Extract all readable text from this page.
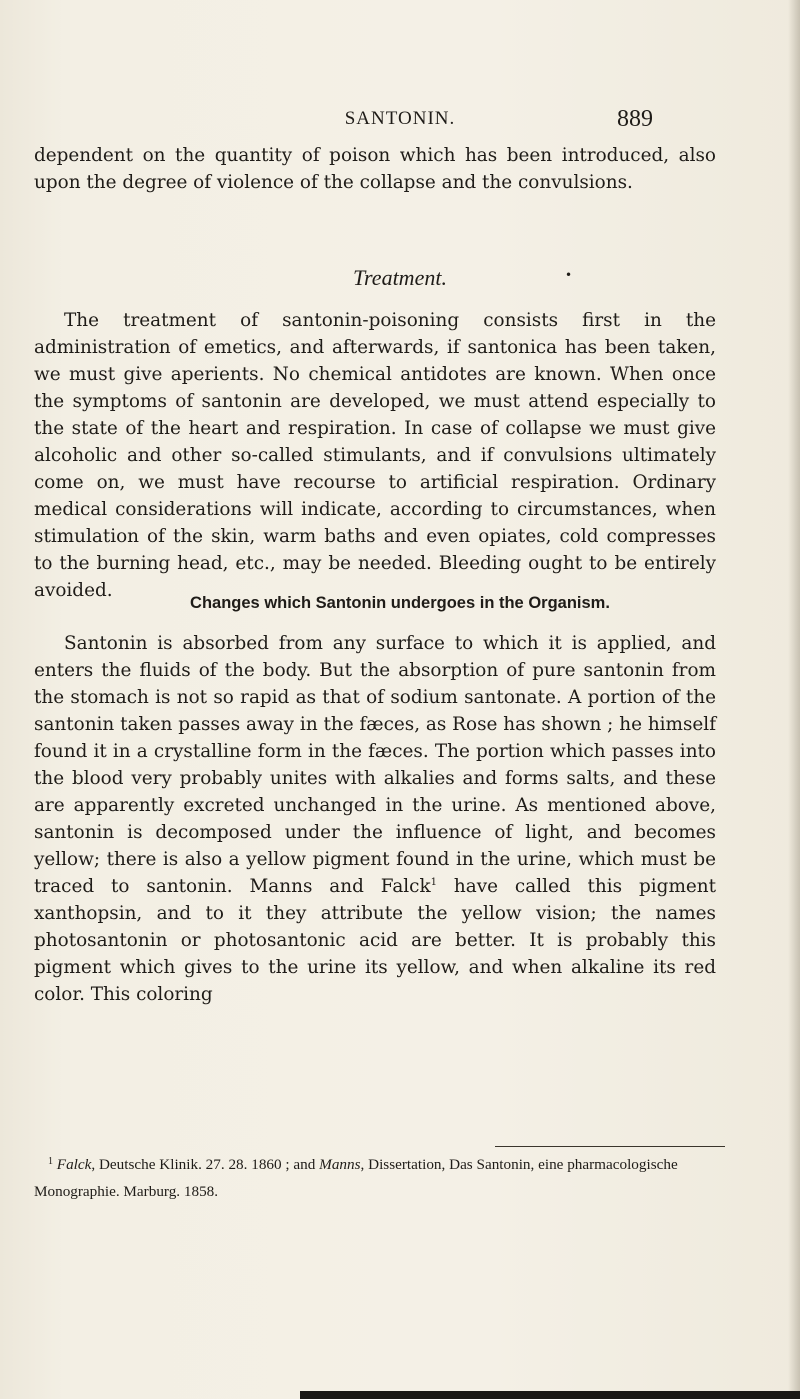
SANTONIN.	889

dependent on the quantity of poison which has been introduced, also upon the degree of violence of the collapse and the convulsions.

Treatment.	•

The treatment of santonin-poisoning consists first in the administration of emetics, and afterwards, if santonica has been taken, we must give aperients. No chemical antidotes are known. When once the symptoms of santonin are developed, we must attend especially to the state of the heart and respiration. In case of collapse we must give alcoholic and other so-called stimulants, and if convulsions ultimately come on, we must have recourse to artificial respiration. Ordinary medical considerations will indicate, according to circumstances, when stimulation of the skin, warm baths and even opiates, cold compresses to the burning head, etc., may be needed. Bleeding ought to be entirely avoided.

Changes which Santonin undergoes in the Organism.

Santonin is absorbed from any surface to which it is applied, and enters the fluids of the body. But the absorption of pure santonin from the stomach is not so rapid as that of sodium santonate. A portion of the santonin taken passes away in the fæces, as Rose has shown ; he himself found it in a crystalline form in the fæces. The portion which passes into the blood very probably unites with alkalies and forms salts, and these are apparently excreted unchanged in the urine. As mentioned above, santonin is decomposed under the influence of light, and becomes yellow; there is also a yellow pigment found in the urine, which must be traced to santonin. Manns and Falck$^1$ have called this pigment xanthopsin, and to it they attribute the yellow vision; the names photosantonin or photosantonic acid are better. It is probably this pigment which gives to the urine its yellow, and when alkaline its red color. This coloring

$^1$ Falck, Deutsche Klinik. 27. 28. 1860 ; and Manns, Dissertation, Das Santonin, eine pharmacologische Monographie. Marburg. 1858.
